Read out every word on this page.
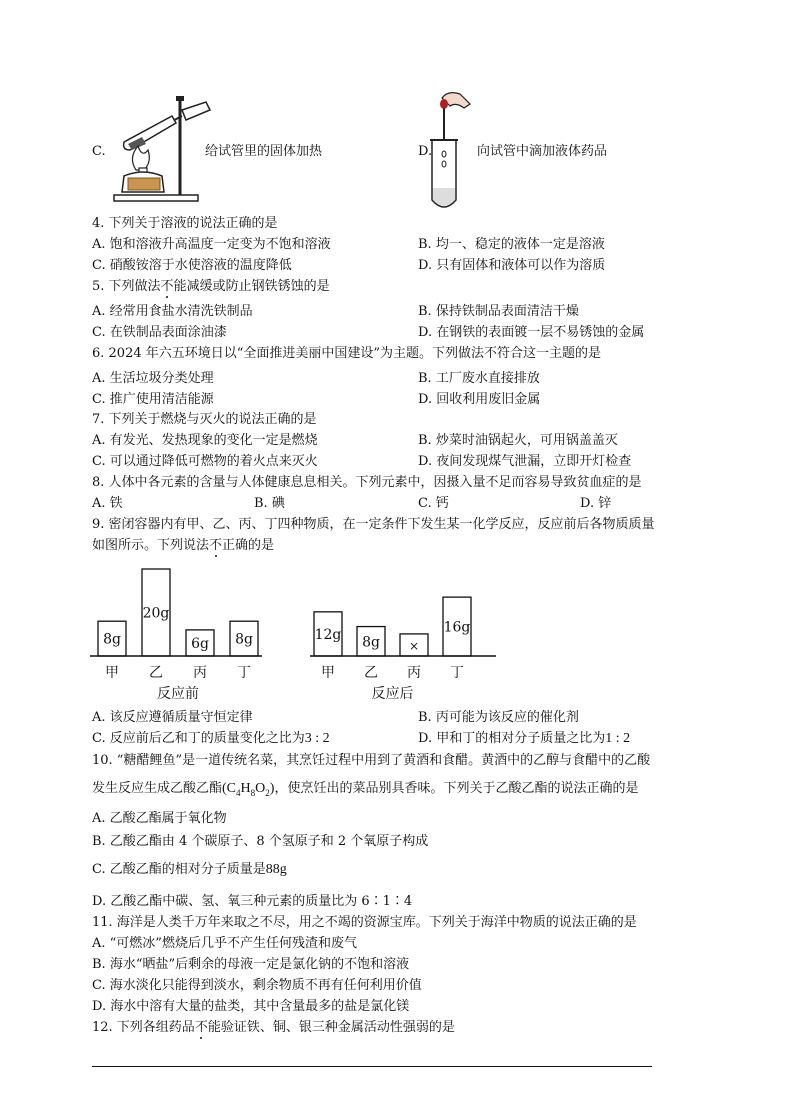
C.	给试管里的固体加热	D.	向试管中滴加液体药品
4. 下列关于溶液的说法正确的是
A. 饱和溶液升高温度一定变为不饱和溶液	B. 均一、稳定的液体一定是溶液
C. 硝酸铵溶于水使溶液的温度降低	D. 只有固体和液体可以作为溶质
5. 下列做法不能减缓或防止钢铁锈蚀的是
A. 经常用食盐水清洗铁制品	B. 保持铁制品表面清洁干燥
C. 在铁制品表面涂油漆	D. 在钢铁的表面镀一层不易锈蚀的金属
6. 2024 年六五环境日以“全面推进美丽中国建设”为主题。下列做法不符合这一主题的是
A. 生活垃圾分类处理	B. 工厂废水直接排放
C. 推广使用清洁能源	D. 回收利用废旧金属
7. 下列关于燃烧与灭火的说法正确的是
A. 有发光、发热现象的变化一定是燃烧	B. 炒菜时油锅起火，可用锅盖盖灭
C. 可以通过降低可燃物的着火点来灭火	D. 夜间发现煤气泄漏，立即开灯检查
8. 人体中各元素的含量与人体健康息息相关。下列元素中，因摄入量不足而容易导致贫血症的是
A. 铁	B. 碘	C. 钙	D. 锌
9. 密闭容器内有甲、乙、丙、丁四种物质，在一定条件下发生某一化学反应，反应前后各物质质量
如图所示。下列说法不正确的是
8g
甲
20g
乙
6g
丙
8g
丁
反应前
12g
甲
8g
乙
×
丙
16g
丁
反应后
A. 该反应遵循质量守恒定律	B. 丙可能为该反应的催化剂
C. 反应前后乙和丁的质量变化之比为3 : 2	D. 甲和丁的相对分子质量之比为1 : 2
10. “糖醋鲤鱼”是一道传统名菜，其烹饪过程中用到了黄酒和食醋。黄酒中的乙醇与食醋中的乙酸
发生反应生成乙酸乙酯$(C_4H_8O_2)$，使烹饪出的菜品别具香味。下列关于乙酸乙酯的说法正确的是
A. 乙酸乙酯属于氧化物
B. 乙酸乙酯由 4 个碳原子、8 个氢原子和 2 个氧原子构成
C. 乙酸乙酯的相对分子质量是88g
D. 乙酸乙酯中碳、氢、氧三种元素的质量比为 6∶1∶4
11. 海洋是人类千万年来取之不尽，用之不竭的资源宝库。下列关于海洋中物质的说法正确的是
A. “可燃冰”燃烧后几乎不产生任何残渣和废气
B. 海水“晒盐”后剩余的母液一定是氯化钠的不饱和溶液
C. 海水淡化只能得到淡水，剩余物质不再有任何利用价值
D. 海水中溶有大量的盐类，其中含量最多的盐是氯化镁
12. 下列各组药品不能验证铁、铜、银三种金属活动性强弱的是
